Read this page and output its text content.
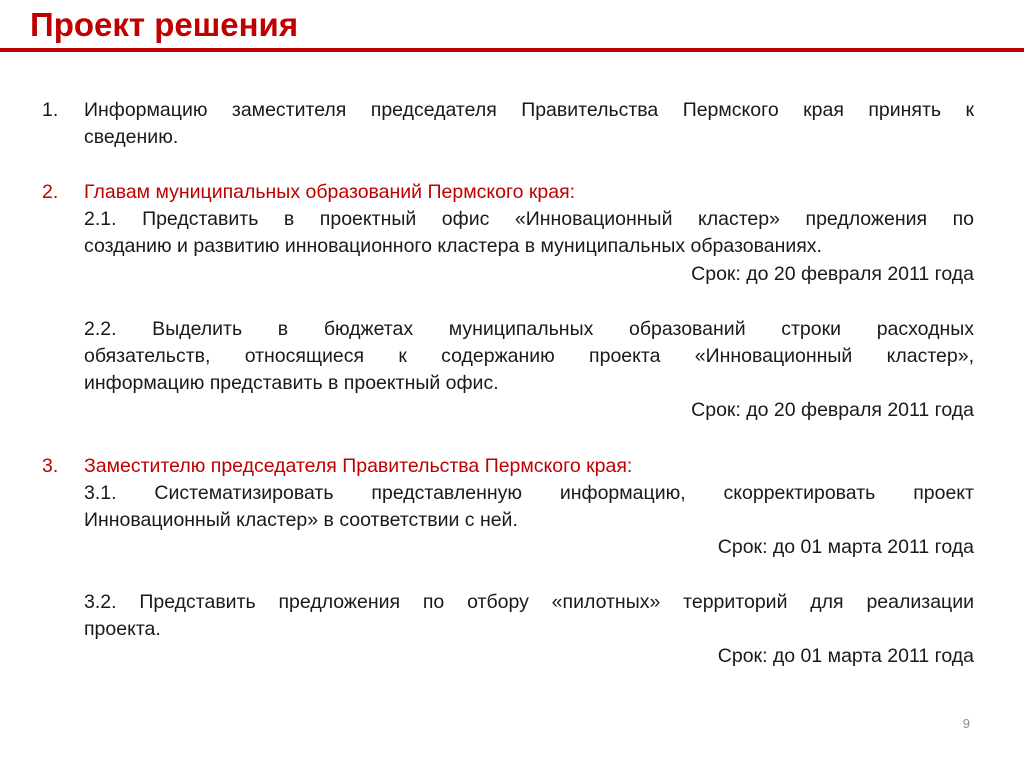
Проект решения
1. Информацию заместителя председателя Правительства Пермского края принять к
сведению.
2. Главам муниципальных образований Пермского края:
2.1. Представить в проектный офис «Инновационный кластер» предложения по
созданию и развитию инновационного кластера в муниципальных образованиях.
Срок: до 20 февраля 2011 года
2.2. Выделить в бюджетах муниципальных образований строки расходных
обязательств, относящиеся к содержанию проекта «Инновационный кластер»,
информацию представить в проектный офис.
Срок: до 20 февраля 2011 года
3. Заместителю председателя Правительства Пермского края:
3.1. Систематизировать представленную информацию, скорректировать проект
Инновационный кластер» в соответствии с ней.
Срок: до 01 марта 2011 года
3.2. Представить предложения по отбору «пилотных» территорий для реализации
проекта.
Срок: до 01 марта 2011 года
9
